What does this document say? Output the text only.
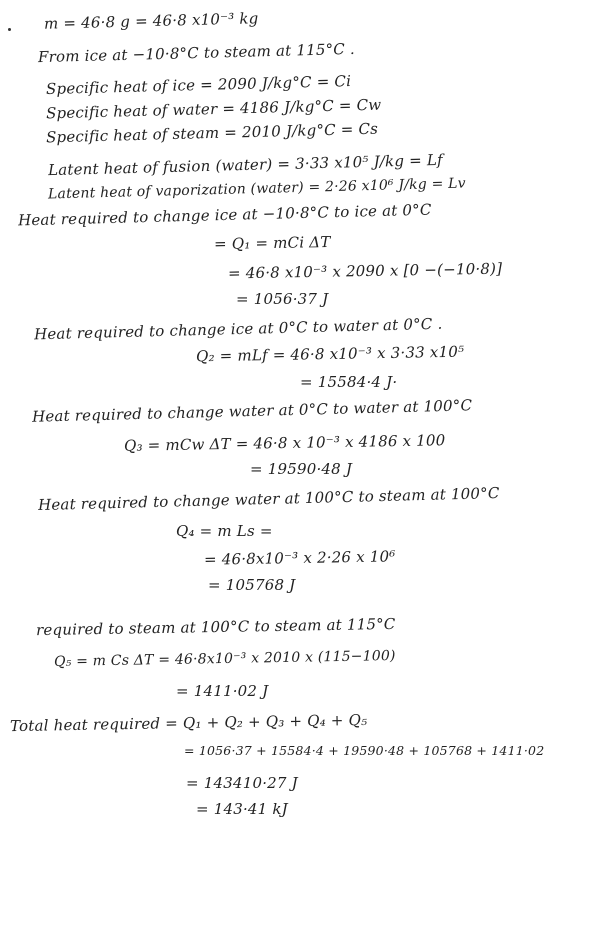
m = 46·8 g = 46·8 x10⁻³ kg
From ice at −10·8°C to steam at 115°C .
Specific heat of ice = 2090 J/kg°C = Ci
Specific heat of water = 4186 J/kg°C = Cw
Specific heat of steam = 2010 J/kg°C = Cs
Latent heat of fusion (water) = 3·33 x10⁵ J/kg = Lf
Latent heat of vaporization (water) = 2·26 x10⁶ J/kg = Lv
Heat required to change ice at −10·8°C to ice at 0°C
= Q₁ = mCi ΔT
= 46·8 x10⁻³ x 2090 x [0 −(−10·8)]
= 1056·37 J
Heat required to change ice at 0°C to water at 0°C .
Q₂ = mLf = 46·8 x10⁻³ x 3·33 x10⁵
= 15584·4 J·
Heat required to change water at 0°C to water at 100°C
Q₃ = mCw ΔT = 46·8 x 10⁻³ x 4186 x 100
= 19590·48 J
Heat required to change water at 100°C to steam at 100°C
Q₄ = m Ls =
= 46·8x10⁻³ x 2·26 x 10⁶
= 105768 J
required to steam at 100°C to steam at 115°C
Q₅ = m Cs ΔT = 46·8x10⁻³ x 2010 x (115−100)
= 1411·02 J
Total heat required = Q₁ + Q₂ + Q₃ + Q₄ + Q₅
= 1056·37 + 15584·4 + 19590·48 + 105768 + 1411·02
= 143410·27 J
= 143·41 kJ
